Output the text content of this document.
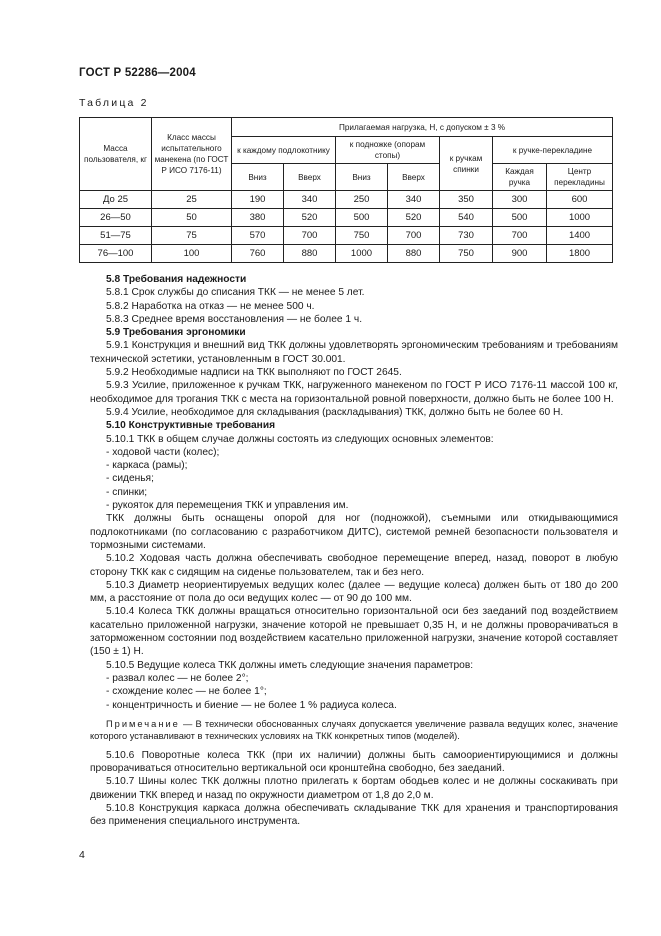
ГОСТ Р 52286—2004
Таблица 2
Масса пользователя, кг	Класс массы испытательного манекена (по ГОСТ Р ИСО 7176-11)	Прилагаемая нагрузка, Н, с допуском ± 3 %						
		к каждому подлокотнику		к подножке (опорам стопы)		к ручкам спинки	к ручке-перекладине	
		Вниз	Вверх	Вниз	Вверх		Каждая ручка	Центр перекладины
До 25	25	190	340	250	340	350	300	600
26—50	50	380	520	500	520	540	500	1000
51—75	75	570	700	750	700	730	700	1400
76—100	100	760	880	1000	880	750	900	1800

5.8 Требования надежности

5.8.1 Срок службы до списания ТКК — не менее 5 лет.

5.8.2 Наработка на отказ — не менее 500 ч.

5.8.3 Среднее время восстановления — не более 1 ч.

5.9 Требования эргономики

5.9.1 Конструкция и внешний вид ТКК должны удовлетворять эргономическим требованиям и требованиям технической эстетики, установленным в ГОСТ 30.001.

5.9.2 Необходимые надписи на ТКК выполняют по ГОСТ 2645.

5.9.3 Усилие, приложенное к ручкам ТКК, нагруженного манекеном по ГОСТ Р ИСО 7176-11 массой 100 кг, необходимое для трогания ТКК с места на горизонтальной ровной поверхности, должно быть не более 100 Н.

5.9.4 Усилие, необходимое для складывания (раскладывания) ТКК, должно быть не более 60 Н.

5.10 Конструктивные требования

5.10.1 ТКК в общем случае должны состоять из следующих основных элементов:

- ходовой части (колес);

- каркаса (рамы);

- сиденья;

- спинки;

- рукояток для перемещения ТКК и управления им.

ТКК должны быть оснащены опорой для ног (подножкой), съемными или откидывающимися подлокотниками (по согласованию с разработчиком ДИТС), системой ремней безопасности пользователя и тормозными системами.

5.10.2 Ходовая часть должна обеспечивать свободное перемещение вперед, назад, поворот в любую сторону ТКК как с сидящим на сиденье пользователем, так и без него.

5.10.3 Диаметр неориентируемых ведущих колес (далее — ведущие колеса) должен быть от 180 до 200 мм, а расстояние от пола до оси ведущих колес — от 90 до 100 мм.

5.10.4 Колеса ТКК должны вращаться относительно горизонтальной оси без заеданий под воздействием касательно приложенной нагрузки, значение которой не превышает 0,35 Н, и не должны проворачиваться в заторможенном состоянии под воздействием касательно приложенной нагрузки, значение которой составляет (150 ± 1) Н.

5.10.5 Ведущие колеса ТКК должны иметь следующие значения параметров:

- развал колес — не более 2°;

- схождение колес — не более 1°;

- концентричность и биение — не более 1 % радиуса колеса.

Примечание — В технически обоснованных случаях допускается увеличение развала ведущих колес, значение которого устанавливают в технических условиях на ТКК конкретных типов (моделей).

5.10.6 Поворотные колеса ТКК (при их наличии) должны быть самоориентирующимися и должны проворачиваться относительно вертикальной оси кронштейна свободно, без заеданий.

5.10.7 Шины колес ТКК должны плотно прилегать к бортам ободьев колес и не должны соскакивать при движении ТКК вперед и назад по окружности диаметром от 1,8 до 2,0 м.

5.10.8 Конструкция каркаса должна обеспечивать складывание ТКК для хранения и транспортирования без применения специального инструмента.

4
